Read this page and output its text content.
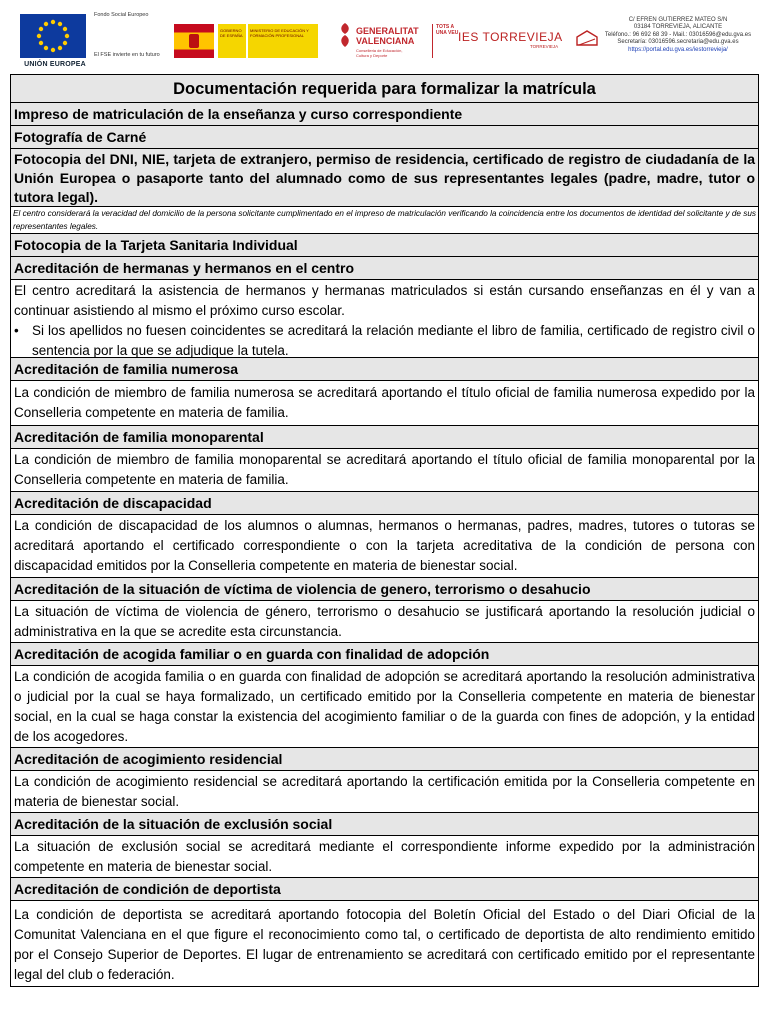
UNIÓN EUROPEA
Fondo Social Europeo
El FSE invierte en tu futuro
GOBIERNO DE ESPAÑA
MINISTERIO DE EDUCACIÓN Y FORMACIÓN PROFESIONAL	GENERALITAT
VALENCIANA
Conselleria de Educación, Cultura y Deporte
TOTS A UNA VEU IES TORREVIEJA
TORREVIEJA
C/ EFREN GUTIERREZ MATEO S/N
03184 TORREVIEJA, ALICANTE
Teléfono.: 96 692 68 39 - Mail.: 03016596@edu.gva.es
Secretaría: 03016596.secretaria@edu.gva.es
https://portal.edu.gva.es/iestorrevieja/
Documentación requerida para formalizar la matrícula
Impreso de matriculación de la enseñanza y curso correspondiente
Fotografía de Carné
Fotocopia del DNI, NIE, tarjeta de extranjero, permiso de residencia, certificado de registro de ciudadanía de la Unión Europea o pasaporte tanto del alumnado como de sus representantes legales (padre, madre, tutor o tutora legal).
El centro considerará la veracidad del domicilio de la persona solicitante cumplimentado en el impreso de matriculación verificando la coincidencia entre los documentos de identidad del solicitante y de sus representantes legales.
Fotocopia de la Tarjeta Sanitaria Individual
Acreditación de hermanas y hermanos en el centro

El centro acreditará la asistencia de hermanos y hermanas matriculados si están cursando enseñanzas en él y van a continuar asistiendo al mismo el próximo curso escolar.

• Si los apellidos no fuesen coincidentes se acreditará la relación mediante el libro de familia, certificado de registro civil o sentencia por la que se adjudique la tutela.
Acreditación de familia numerosa
La condición de miembro de familia numerosa se acreditará aportando el título oficial de familia numerosa expedido por la Conselleria competente en materia de familia.
Acreditación de familia monoparental
La condición de miembro de familia monoparental se acreditará aportando el título oficial de familia monoparental por la Conselleria competente en materia de familia.
Acreditación de discapacidad
La condición de discapacidad de los alumnos o alumnas, hermanos o hermanas, padres, madres, tutores o tutoras se acreditará aportando el certificado correspondiente o con la tarjeta acreditativa de la condición de persona con discapacidad emitidos por la Conselleria competente en materia de bienestar social.
Acreditación de la situación de víctima de violencia de genero, terrorismo o desahucio
La situación de víctima de violencia de género, terrorismo o desahucio se justificará aportando la resolución judicial o administrativa en la que se acredite esta circunstancia.
Acreditación de acogida familiar o en guarda con finalidad de adopción
La condición de acogida familia o en guarda con finalidad de adopción se acreditará aportando la resolución administrativa o judicial por la cual se haya formalizado, un certificado emitido por la Conselleria competente en materia de bienestar social, en la cual se haga constar la existencia del acogimiento familiar o de la guarda con fines de adopción, y la entidad de los acogedores.
Acreditación de acogimiento residencial
La condición de acogimiento residencial se acreditará aportando la certificación emitida por la Conselleria competente en materia de bienestar social.
Acreditación de la situación de exclusión social
La situación de exclusión social se acreditará mediante el correspondiente informe expedido por la administración competente en materia de bienestar social.
Acreditación de condición de deportista
La condición de deportista se acreditará aportando fotocopia del Boletín Oficial del Estado o del Diari Oficial de la Comunitat Valenciana en el que figure el reconocimiento como tal, o certificado de deportista de alto rendimiento emitido por el Consejo Superior de Deportes. El lugar de entrenamiento se acreditará con certificado emitido por el representante legal del club o federación.
